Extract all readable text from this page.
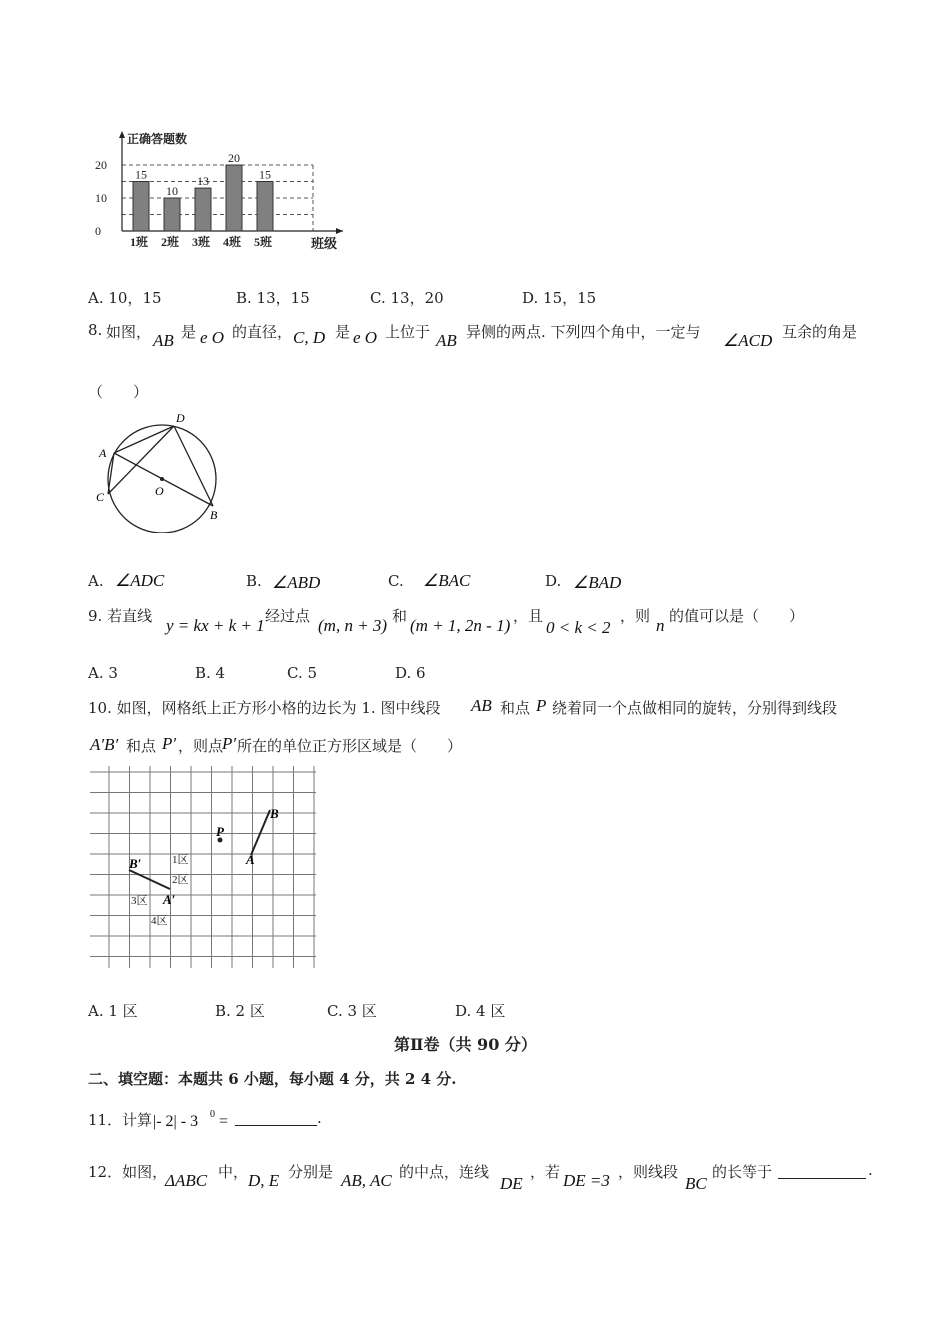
0
10
20
正确答题数
15
1班
10
2班
13
3班
20
4班
15
5班	班级
A. 10，15	B. 13，15	C. 13，20	D. 15，15
8. 如图， AB 是 e O 的直径， C, D 是 e O 上位于 AB 异侧的两点. 下列四个角中，一定与 ∠ACD 互余的角是
（　　）
D
A
C	O
B
A. ∠ADC	B. ∠ABD	C. ∠BAC	D. ∠BAD
9. 若直线 y = kx + k + 1 经过点 (m, n + 3) 和 (m + 1, 2n - 1) ，且
0 < k < 2
，则 n 的值可以是（　　）
A. 3	B. 4	C. 5	D. 6
10. 如图，网格纸上正方形小格的边长为 1. 图中线段 AB 和点 P 绕着同一个点做相同的旋转，分别得到线段
A′B′ 和点 P′ ，则点
P′ 所在的单位正方形区域是（　　）
B
A
P
B′
A′
1区
2区
3区
4区
A. 1 区	B. 2 区	C. 3 区	D. 4 区
第Ⅱ卷（共 90 分）
二、填空题：本题共 6 小题，每小题 4 分，共 2 4 分.
11．计算 |- 2| - 3 0 =	.
12．如图，
ΔABC 中， D, E 分别是 AB, AC 的中点，连线
DE
，若 DE =3 ，则线段
BC
的长等于	.
